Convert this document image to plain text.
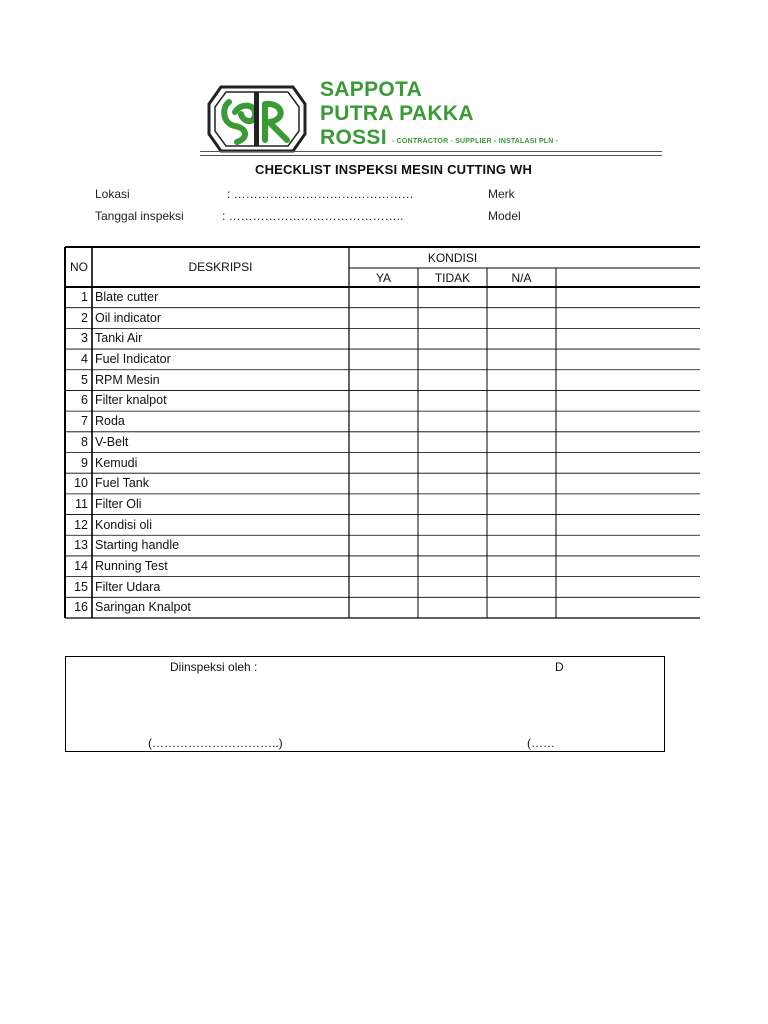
SAPPOTA
PUTRA PAKKA
ROSSI - CONTRACTOR - SUPPLIER - INSTALASI PLN -
CHECKLIST INSPEKSI MESIN CUTTING WH
Lokasi	: ………………………………………
Tanggal inspeksi	: ……………………………………..
Merk
Model
NO	DESKRIPSI
KONDISI
YA	TIDAK	N/A
1 Blate cutter
2 Oil indicator
3 Tanki Air
4 Fuel Indicator
5 RPM Mesin
6 Filter knalpot
7 Roda
8 V-Belt
9 Kemudi
10 Fuel Tank
11 Filter Oli
12 Kondisi oli
13 Starting handle
14 Running Test
15 Filter Udara
16 Saringan Knalpot
Diinspeksi oleh :	D
(…………………………..)	(……
